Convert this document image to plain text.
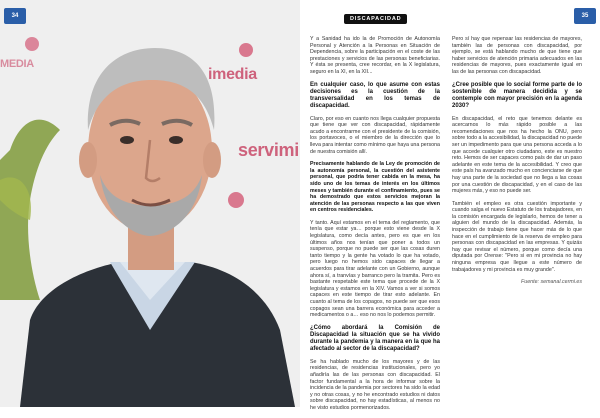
MEDIA
imedia
servimi
34	DISCAPACIDAD	35

Y a Sanidad ha ido la de Promoción de Autonomía Personal y Atención a la Personas en Situación de Dependencia, sobre la participación en el coste de las prestaciones y servicios de las personas beneficiarias. Y ésta se presenta, cree recordar, en la X legislatura, seguro en la XI, en la XII...

En cualquier caso, lo que asume con estas decisiones es la cuestión de la transversalidad en los temas de discapacidad.

Claro, por eso en cuanto nos llega cualquier propuesta que tiene que ver con discapacidad, rápidamente acudo a encontrarme con el presidente de la comisión, los portavoces, o el miembro de la dirección que lo lleva para intentar como mínimo que haya una persona de nuestra comisión allí.

Precisamente hablando de la Ley de promoción de la autonomía personal, la cuestión del asistente personal, que podría tener cabida en la mesa, ha sido uno de los temas de interés en los últimos meses y también durante el confinamiento, pues se ha demostrado que estos servicios mejoran la atención de las personas respecto a las que viven en centros residenciales.

Y tanto. Aquí estamos en el tema del reglamento, que tenía que estar ya… porque esto viene desde la X legislatura, como decía antes, pero es que en los últimos años nos tenían que poner a todos un suspenso, porque no puede ser que las cosas duren tanto tiempo y la gente ha votado lo que ha votado, pero luego no hemos sido capaces de llegar a acuerdos para tirar adelante con un Gobierno, aunque ahora sí, a tranvías y barranco pero la tramita. Pero es bastante respetable este tema que procede de la X legislatura y estamos en la XIV. Vamos a ver si somos capaces en este tiempo de tirar esto adelante. En cuanto al tema de los copagos, no puede ser que esos copagos sean una barrera económica para acceder a medicamentos o a… eso no nos lo podemos permitir.

¿Cómo abordará la Comisión de Discapacidad la situación que se ha vivido durante la pandemia y la manera en la que ha afectado al sector de la discapacidad?

Se ha hablado mucho de los mayores y de las residencias, de residencias institucionales, pero yo añadiría las de las personas con discapacidad. El factor fundamental a la hora de informar sobre la incidencia de la pandemia por sectores ha sido la edad y no otras cosas, y no he encontrado estudios ni datos sobre discapacidad, no hay estadísticas, al menos no he visto estudios pormenorizados.

Pero sí hay que repensar las residencias de mayores, también las de personas con discapacidad, por ejemplo, se está hablando mucho de que tiene que haber servicios de atención primaria adecuados en las residencias de mayores, pues exactamente igual en las de las personas con discapacidad.

¿Cree posible que lo social forme parte de lo sostenible de manera decidida y se contemple con mayor precisión en la agenda 2030?

En discapacidad, el reto que tenemos delante es acercarnos lo más rápido posible a las recomendaciones que nos ha hecho la ONU, pero sobre todo a la accesibilidad, la discapacidad no puede ser un impedimento para que una persona acceda a lo que accede cualquier otro ciudadano, este es nuestro reto. Hemos de ser capaces como país de dar un paso adelante en este tema de la accesibilidad. Y creo que este país ha avanzado mucho en concienciarse de que hay una parte de la sociedad que no llega a las cosas por una cuestión de discapacidad, y en el caso de las mujeres más, y eso no puede ser.

También el empleo es otra cuestión importante y cuando salga el nuevo Estatuto de los trabajadores, en la comisión encargada de legislarlo, hemos de tener a alguien del mundo de la discapacidad. Además, la inspección de trabajo tiene que hacer más de lo que hace en el cumplimiento de la reserva de empleo para personas con discapacidad en las empresas. Y quizás hay que revisar el número, porque como decía una diputada por Orense: "Pero si en mi provincia no hay ninguna empresa que llegue a este número de trabajadores y mi provincia es muy grande".

Fuente: semanal.cermi.es
